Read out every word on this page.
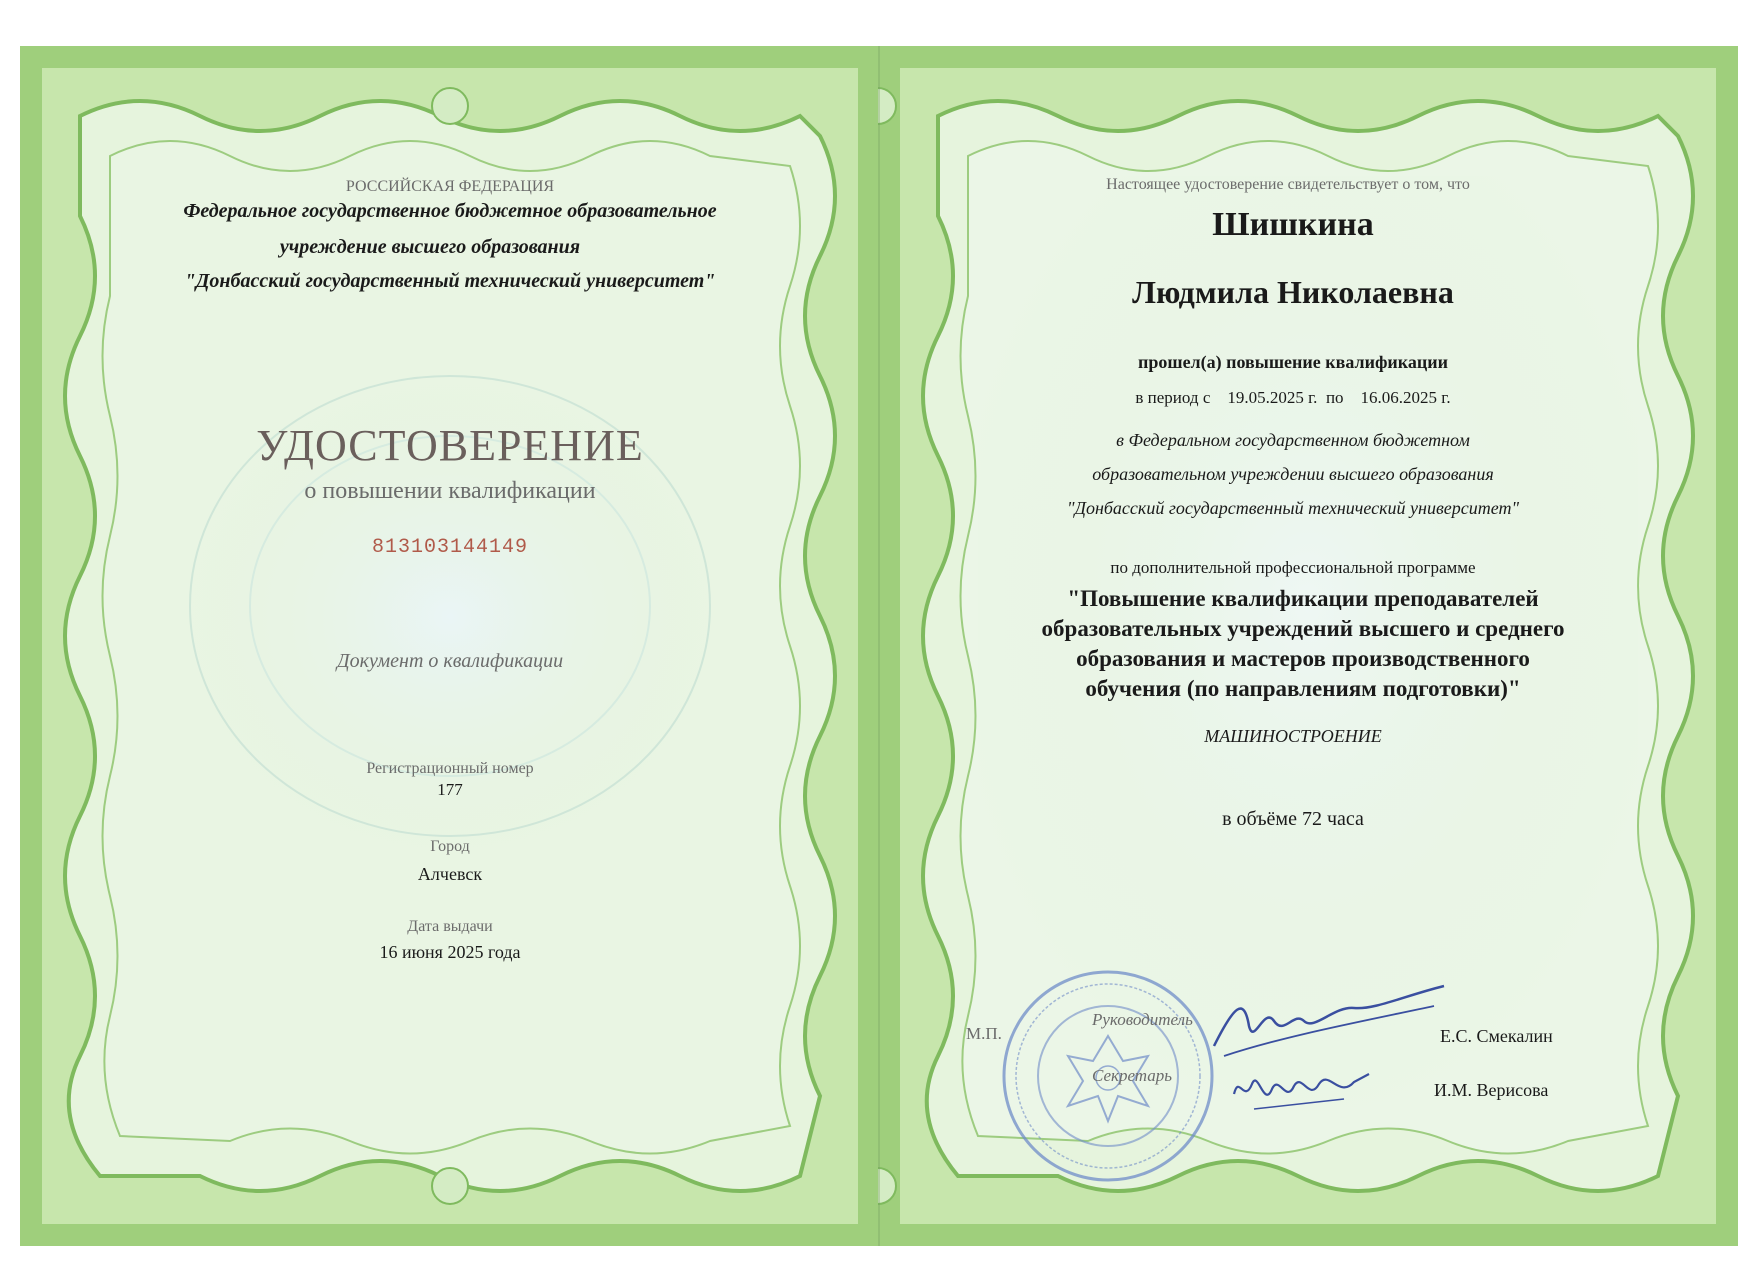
РОССИЙСКАЯ ФЕДЕРАЦИЯ
Федеральное государственное бюджетное образовательное
учреждение высшего образования
"Донбасский государственный технический университет"
УДОСТОВЕРЕНИЕ
о повышении квалификации
813103144149
Документ о квалификации
Регистрационный номер
177
Город
Алчевск
Дата выдачи
16 июня 2025 года
Настоящее удостоверение свидетельствует о том, что
Шишкина
Людмила Николаевна
прошел(а) повышение квалификации
в период с 19.05.2025 г. по 16.06.2025 г.
в Федеральном государственном бюджетном
образовательном учреждении высшего образования
"Донбасский государственный технический университет"
по дополнительной профессиональной программе
"Повышение квалификации преподавателей
образовательных учреждений высшего и среднего
образования и мастеров производственного
обучения (по направлениям подготовки)"
МАШИНОСТРОЕНИЕ
в объёме 72 часа
М.П.
Руководитель
Секретарь
Е.С. Смекалин
И.М. Верисова
